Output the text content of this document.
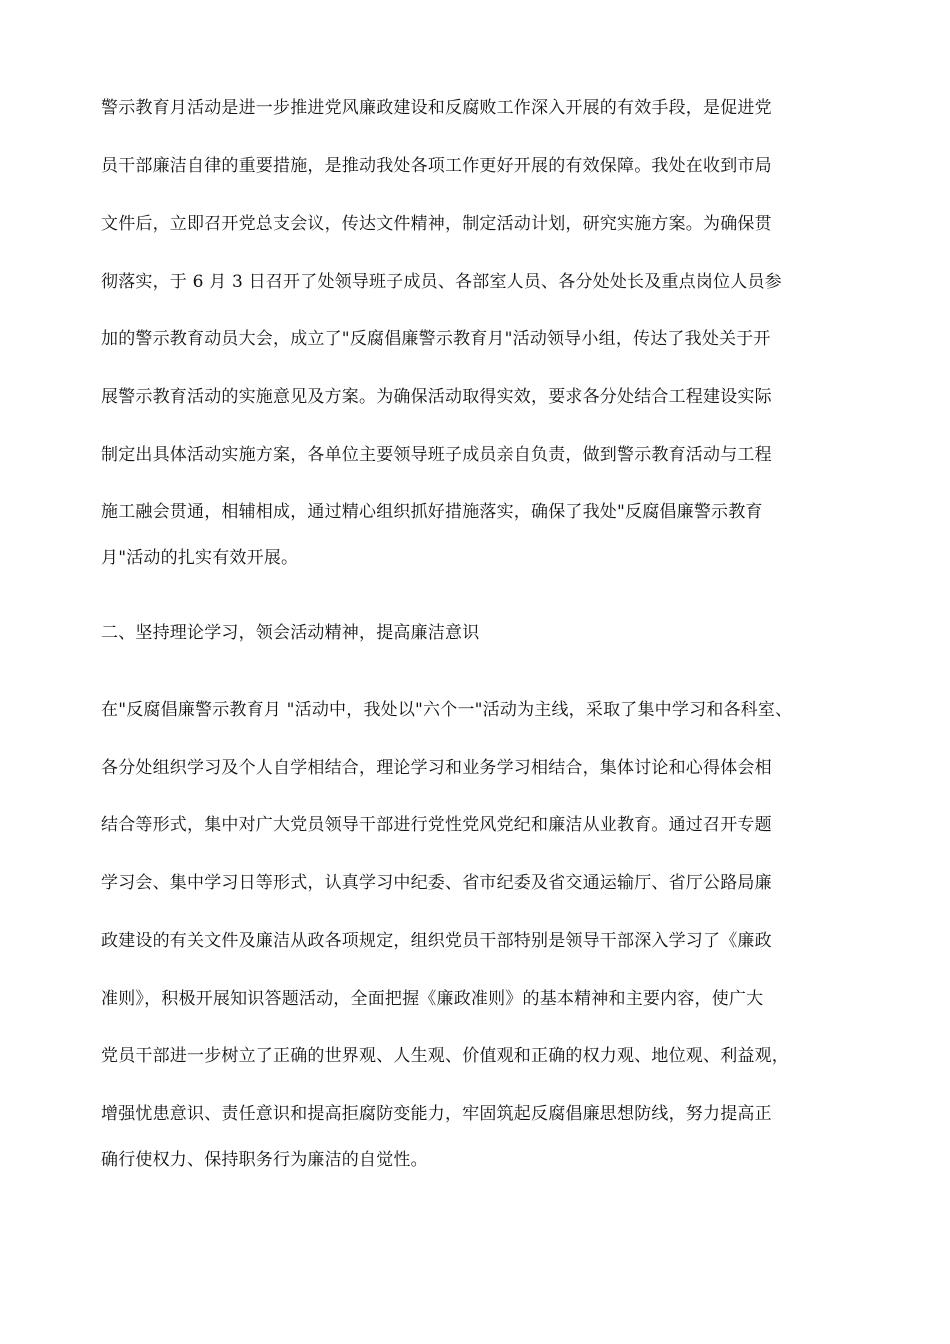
警示教育月活动是进一步推进党风廉政建设和反腐败工作深入开展的有效手段，是促进党
员干部廉洁自律的重要措施，是推动我处各项工作更好开展的有效保障。我处在收到市局
文件后，立即召开党总支会议，传达文件精神，制定活动计划，研究实施方案。为确保贯
彻落实，于 6 月 3 日召开了处领导班子成员、各部室人员、各分处处长及重点岗位人员参
加的警示教育动员大会，成立了"反腐倡廉警示教育月"活动领导小组，传达了我处关于开
展警示教育活动的实施意见及方案。为确保活动取得实效，要求各分处结合工程建设实际
制定出具体活动实施方案，各单位主要领导班子成员亲自负责，做到警示教育活动与工程
施工融会贯通，相辅相成，通过精心组织抓好措施落实，确保了我处"反腐倡廉警示教育
月"活动的扎实有效开展。
二、坚持理论学习，领会活动精神，提高廉洁意识
在"反腐倡廉警示教育月 "活动中，我处以"六个一"活动为主线，采取了集中学习和各科室、
各分处组织学习及个人自学相结合，理论学习和业务学习相结合，集体讨论和心得体会相
结合等形式，集中对广大党员领导干部进行党性党风党纪和廉洁从业教育。通过召开专题
学习会、集中学习日等形式，认真学习中纪委、省市纪委及省交通运输厅、省厅公路局廉
政建设的有关文件及廉洁从政各项规定，组织党员干部特别是领导干部深入学习了《廉政
准则》，积极开展知识答题活动，全面把握《廉政准则》的基本精神和主要内容，使广大
党员干部进一步树立了正确的世界观、人生观、价值观和正确的权力观、地位观、利益观，
增强忧患意识、责任意识和提高拒腐防变能力，牢固筑起反腐倡廉思想防线，努力提高正
确行使权力、保持职务行为廉洁的自觉性。
